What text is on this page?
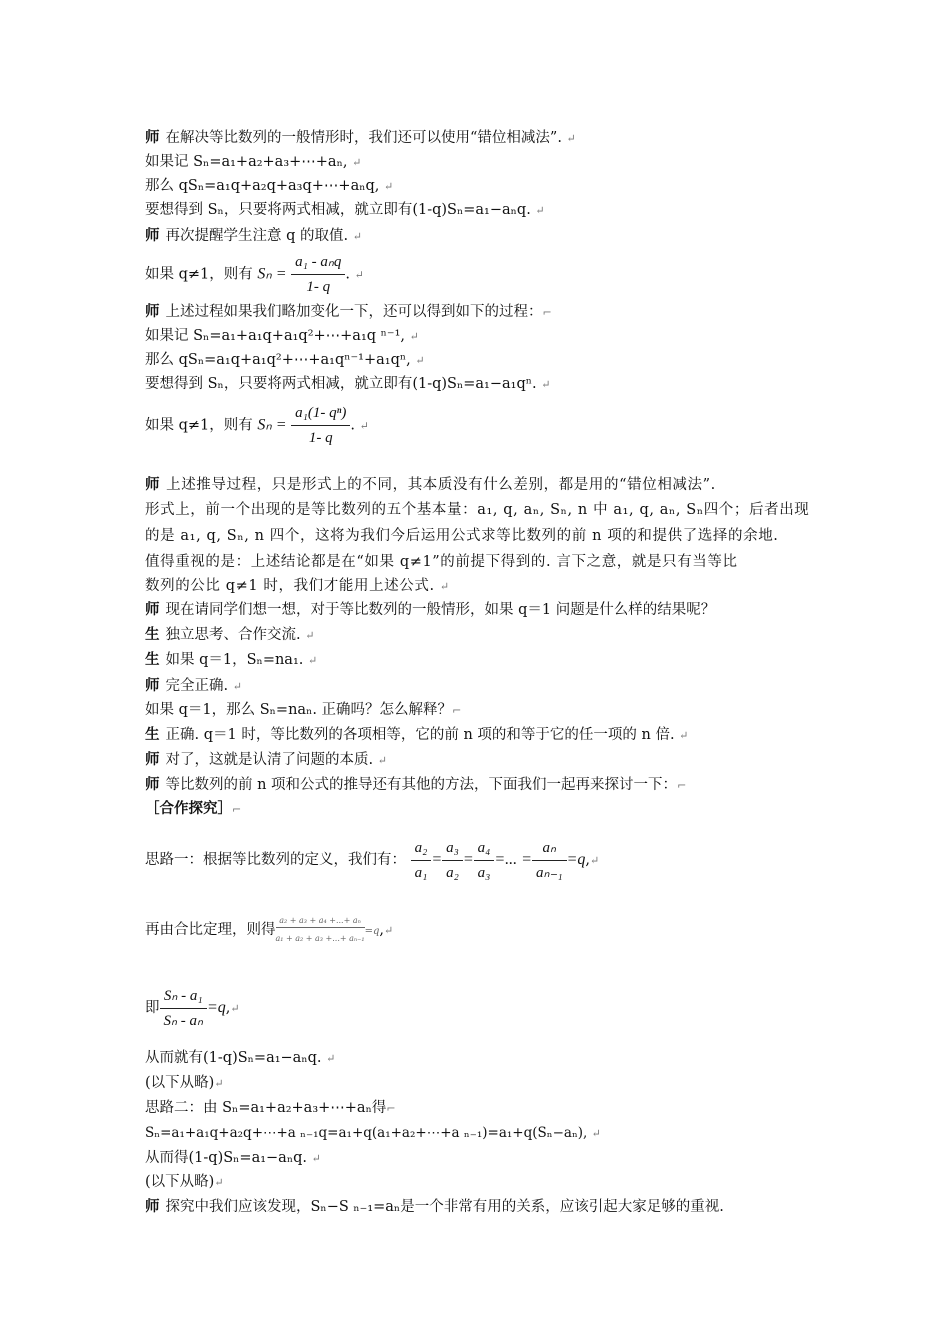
师 在解决等比数列的一般情形时，我们还可以使用“错位相减法”. ↵
如果记 Sₙ=a₁+a₂+a₃+⋯+aₙ, ↵
那么 qSₙ=a₁q+a₂q+a₃q+⋯+aₙq, ↵
要想得到 Sₙ，只要将两式相减，就立即有(1-q)Sₙ=a₁−aₙq. ↵
师 再次提醒学生注意 q 的取值. ↵
如果 q≠1，则有 $S_n = \frac{\text{a₁ - aₙq}}{1- q}$ . ↵
师 上述过程如果我们略加变化一下，还可以得到如下的过程：⌐
如果记 Sₙ=a₁+a₁q+a₁q²+⋯+a₁q ⁿ⁻¹, ↵
那么 qSₙ=a₁q+a₁q²+⋯+a₁qⁿ⁻¹+a₁qⁿ, ↵
要想得到 Sₙ，只要将两式相减，就立即有(1-q)Sₙ=a₁−a₁qⁿ. ↵
如果 q≠1，则有 $S_n = \frac{\text{a₁(1- qⁿ)}}{1- q}$ . ↵
师 上述推导过程，只是形式上的不同，其本质没有什么差别，都是用的“错位相减法”.
形式上，前一个出现的是等比数列的五个基本量：a₁, q, aₙ, Sₙ, n 中 a₁, q, aₙ, Sₙ四个；后者出现
的是 a₁, q, Sₙ, n 四个，这将为我们今后运用公式求等比数列的前 n 项的和提供了选择的余地.
值得重视的是：上述结论都是在“如果 q≠1”的前提下得到的. 言下之意，就是只有当等比
数列的公比 q≠1 时，我们才能用上述公式. ↵
师 现在请同学们想一想，对于等比数列的一般情形，如果 q＝1 问题是什么样的结果呢？
生 独立思考、合作交流. ↵
生 如果 q＝1，Sₙ=na₁. ↵
师 完全正确. ↵
如果 q＝1，那么 Sₙ=naₙ. 正确吗？怎么解释？⌐
生 正确. q＝1 时，等比数列的各项相等，它的前 n 项的和等于它的任一项的 n 倍. ↵
师 对了，这就是认清了问题的本质. ↵
师 等比数列的前 n 项和公式的推导还有其他的方法，下面我们一起再来探讨一下：⌐
［合作探究］⌐
思路一：根据等比数列的定义，我们有： $\frac{\text{a₂}}{\text{a₁}} = \frac{\text{a₃}}{\text{a₂}} = \frac{\text{a₄}}{\text{a₃}}$ =... = $\frac{\text{aₙ}}{\text{aₙ₋₁}}$ =q,↵
再由合比定理，则得 $\frac{\text{a₂ + a₃ + a₄ +...+ aₙ}}{\text{a₁ + a₂ + a₃ +...+ aₙ₋₁}}$ =q,↵
即 $\frac{\text{Sₙ - a₁}}{\text{Sₙ - aₙ}}$ =q,↵
从而就有(1-q)Sₙ=a₁−aₙq. ↵
(以下从略)↵
思路二：由 Sₙ=a₁+a₂+a₃+⋯+aₙ得⌐
Sₙ=a₁+a₁q+a₂q+⋯+a ₙ₋₁q=a₁+q(a₁+a₂+⋯+a ₙ₋₁)=a₁+q(Sₙ−aₙ), ↵
从而得(1-q)Sₙ=a₁−aₙq. ↵
(以下从略)↵
师 探究中我们应该发现，Sₙ−S ₙ₋₁=aₙ是一个非常有用的关系，应该引起大家足够的重视.
